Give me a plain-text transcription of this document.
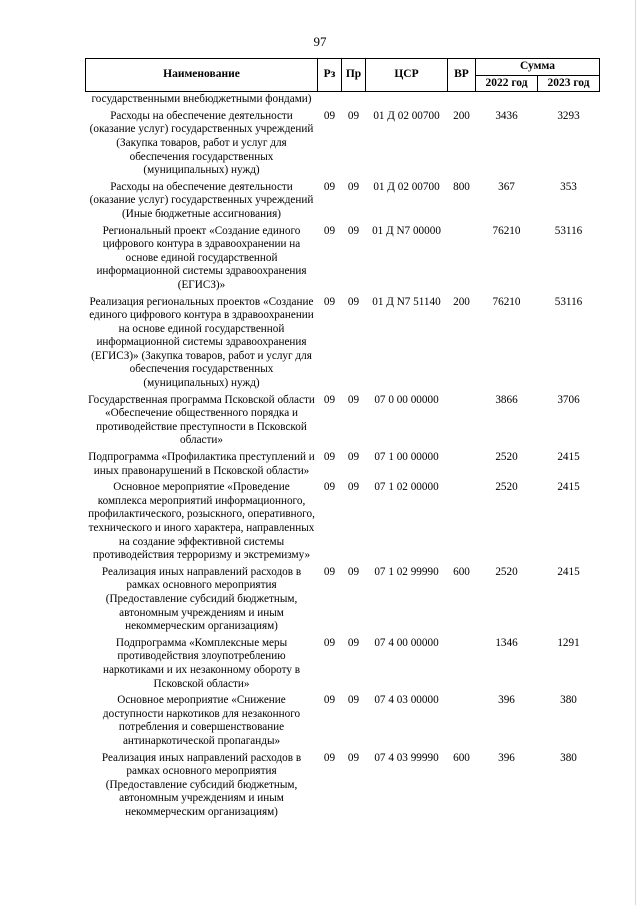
97
Наименование	Рз	Пр	ЦСР	ВР	Сумма	
					2022 год	2023 год
государственными внебюджетными фондами)						
Расходы на обеспечение деятельности (оказание услуг) государственных учреждений (Закупка товаров, работ и услуг для обеспечения государственных (муниципальных) нужд)	09	09	01 Д 02 00700	200	3436	3293
Расходы на обеспечение деятельности (оказание услуг) государственных учреждений (Иные бюджетные ассигнования)	09	09	01 Д 02 00700	800	367	353
Региональный проект «Создание единого цифрового контура в здравоохранении на основе единой государственной информационной системы здравоохранения (ЕГИСЗ)»	09	09	01 Д N7 00000		76210	53116
Реализация региональных проектов «Создание единого цифрового контура в здравоохранении на основе единой государственной информационной системы здравоохранения (ЕГИСЗ)» (Закупка товаров, работ и услуг для обеспечения государственных (муниципальных) нужд)	09	09	01 Д N7 51140	200	76210	53116
Государственная программа Псковской области «Обеспечение общественного порядка и противодействие преступности в Псковской области»	09	09	07 0 00 00000		3866	3706
Подпрограмма «Профилактика преступлений и иных правонарушений в Псковской области»	09	09	07 1 00 00000		2520	2415
Основное мероприятие «Проведение комплекса мероприятий информационного, профилактического, розыскного, оперативного, технического и иного характера, направленных на создание эффективной системы противодействия терроризму и экстремизму»	09	09	07 1 02 00000		2520	2415
Реализация иных направлений расходов в рамках основного мероприятия (Предоставление субсидий бюджетным, автономным учреждениям и иным некоммерческим организациям)	09	09	07 1 02 99990	600	2520	2415
Подпрограмма «Комплексные меры противодействия злоупотреблению наркотиками и их незаконному обороту в Псковской области»	09	09	07 4 00 00000		1346	1291
Основное мероприятие «Снижение доступности наркотиков для незаконного потребления и совершенствование антинаркотической пропаганды»	09	09	07 4 03 00000		396	380
Реализация иных направлений расходов в рамках основного мероприятия (Предоставление субсидий бюджетным, автономным учреждениям и иным некоммерческим организациям)	09	09	07 4 03 99990	600	396	380
